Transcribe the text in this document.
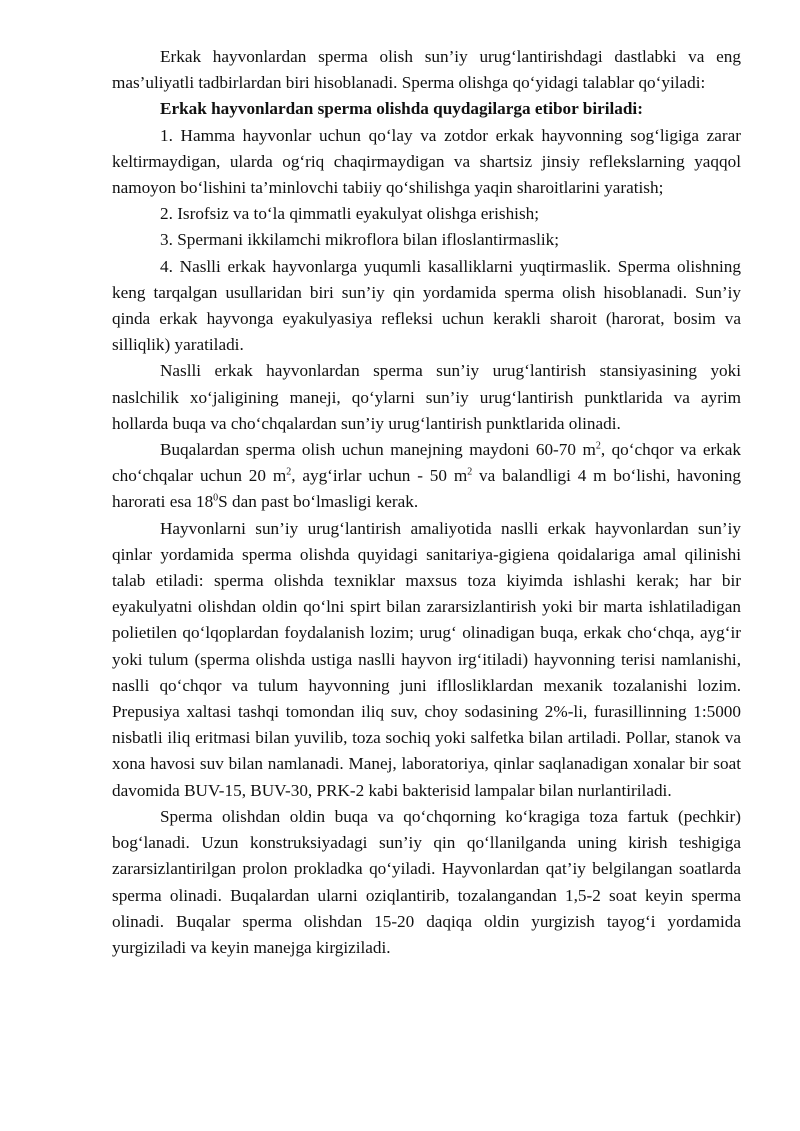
Erkak hayvonlardan sperma olish sun’iy urug‘lantirishdagi dastlabki va eng mas’uliyatli tadbirlardan biri hisoblanadi. Sperma olishga qo‘yidagi talablar qo‘yiladi:

Erkak hayvonlardan sperma olishda quydagilarga etibor biriladi:

1. Hamma hayvonlar uchun qo‘lay va zotdor erkak hayvonning sog‘ligiga zarar keltirmaydigan, ularda og‘riq chaqirmaydigan va shartsiz jinsiy reflekslarning yaqqol namoyon bo‘lishini ta’minlovchi tabiiy qo‘shilishga yaqin sharoitlarini yaratish;

2. Isrofsiz va to‘la qimmatli eyakulyat olishga erishish;

3. Spermani ikkilamchi mikroflora bilan ifloslantirmaslik;

4. Naslli erkak hayvonlarga yuqumli kasalliklarni yuqtirmaslik. Sperma olishning keng tarqalgan usullaridan biri sun’iy qin yordamida sperma olish hisoblanadi. Sun’iy qinda erkak hayvonga eyakulyasiya refleksi uchun kerakli sharoit (harorat, bosim va silliqlik) yaratiladi.

Naslli erkak hayvonlardan sperma sun’iy urug‘lantirish stansiyasining yoki naslchilik xo‘jaligining maneji, qo‘ylarni sun’iy urug‘lantirish punktlarida va ayrim hollarda buqa va cho‘chqalardan sun’iy urug‘lantirish punktlarida olinadi.

Buqalardan sperma olish uchun manejning maydoni 60-70 $m^2$, qo‘chqor va erkak cho‘chqalar uchun 20 $m^2$, ayg‘irlar uchun - 50 $m^2$ va balandligi 4 m bo‘lishi, havoning harorati esa $18^0S$ dan past bo‘lmasligi kerak.

Hayvonlarni sun’iy urug‘lantirish amaliyotida naslli erkak hayvonlardan sun’iy qinlar yordamida sperma olishda quyidagi sanitariya-gigiena qoidalariga amal qilinishi talab etiladi: sperma olishda texniklar maxsus toza kiyimda ishlashi kerak; har bir eyakulyatni olishdan oldin qo‘lni spirt bilan zararsizlantirish yoki bir marta ishlatiladigan polietilen qo‘lqoplardan foydalanish lozim; urug‘ olinadigan buqa, erkak cho‘chqa, ayg‘ir yoki tulum (sperma olishda ustiga naslli hayvon irg‘itiladi) hayvonning terisi namlanishi, naslli qo‘chqor va tulum hayvonning juni ifllosliklardan mexanik tozalanishi lozim. Prepusiya xaltasi tashqi tomondan iliq suv, choy sodasining 2%-li, furasillinning 1:5000 nisbatli iliq eritmasi bilan yuvilib, toza sochiq yoki salfetka bilan artiladi. Pollar, stanok va xona havosi suv bilan namlanadi. Manej, laboratoriya, qinlar saqlanadigan xonalar bir soat davomida BUV-15, BUV-30, PRK-2 kabi bakterisid lampalar bilan nurlantiriladi.

Sperma olishdan oldin buqa va qo‘chqorning ko‘kragiga toza fartuk (pechkir) bog‘lanadi. Uzun konstruksiyadagi sun’iy qin qo‘llanilganda uning kirish teshigiga zararsizlantirilgan prolon prokladka qo‘yiladi. Hayvonlardan qat’iy belgilangan soatlarda sperma olinadi. Buqalardan ularni oziqlantirib, tozalangandan 1,5-2 soat keyin sperma olinadi. Buqalar sperma olishdan 15-20 daqiqa oldin yurgizish tayog‘i yordamida yurgiziladi va keyin manejga kirgiziladi.
